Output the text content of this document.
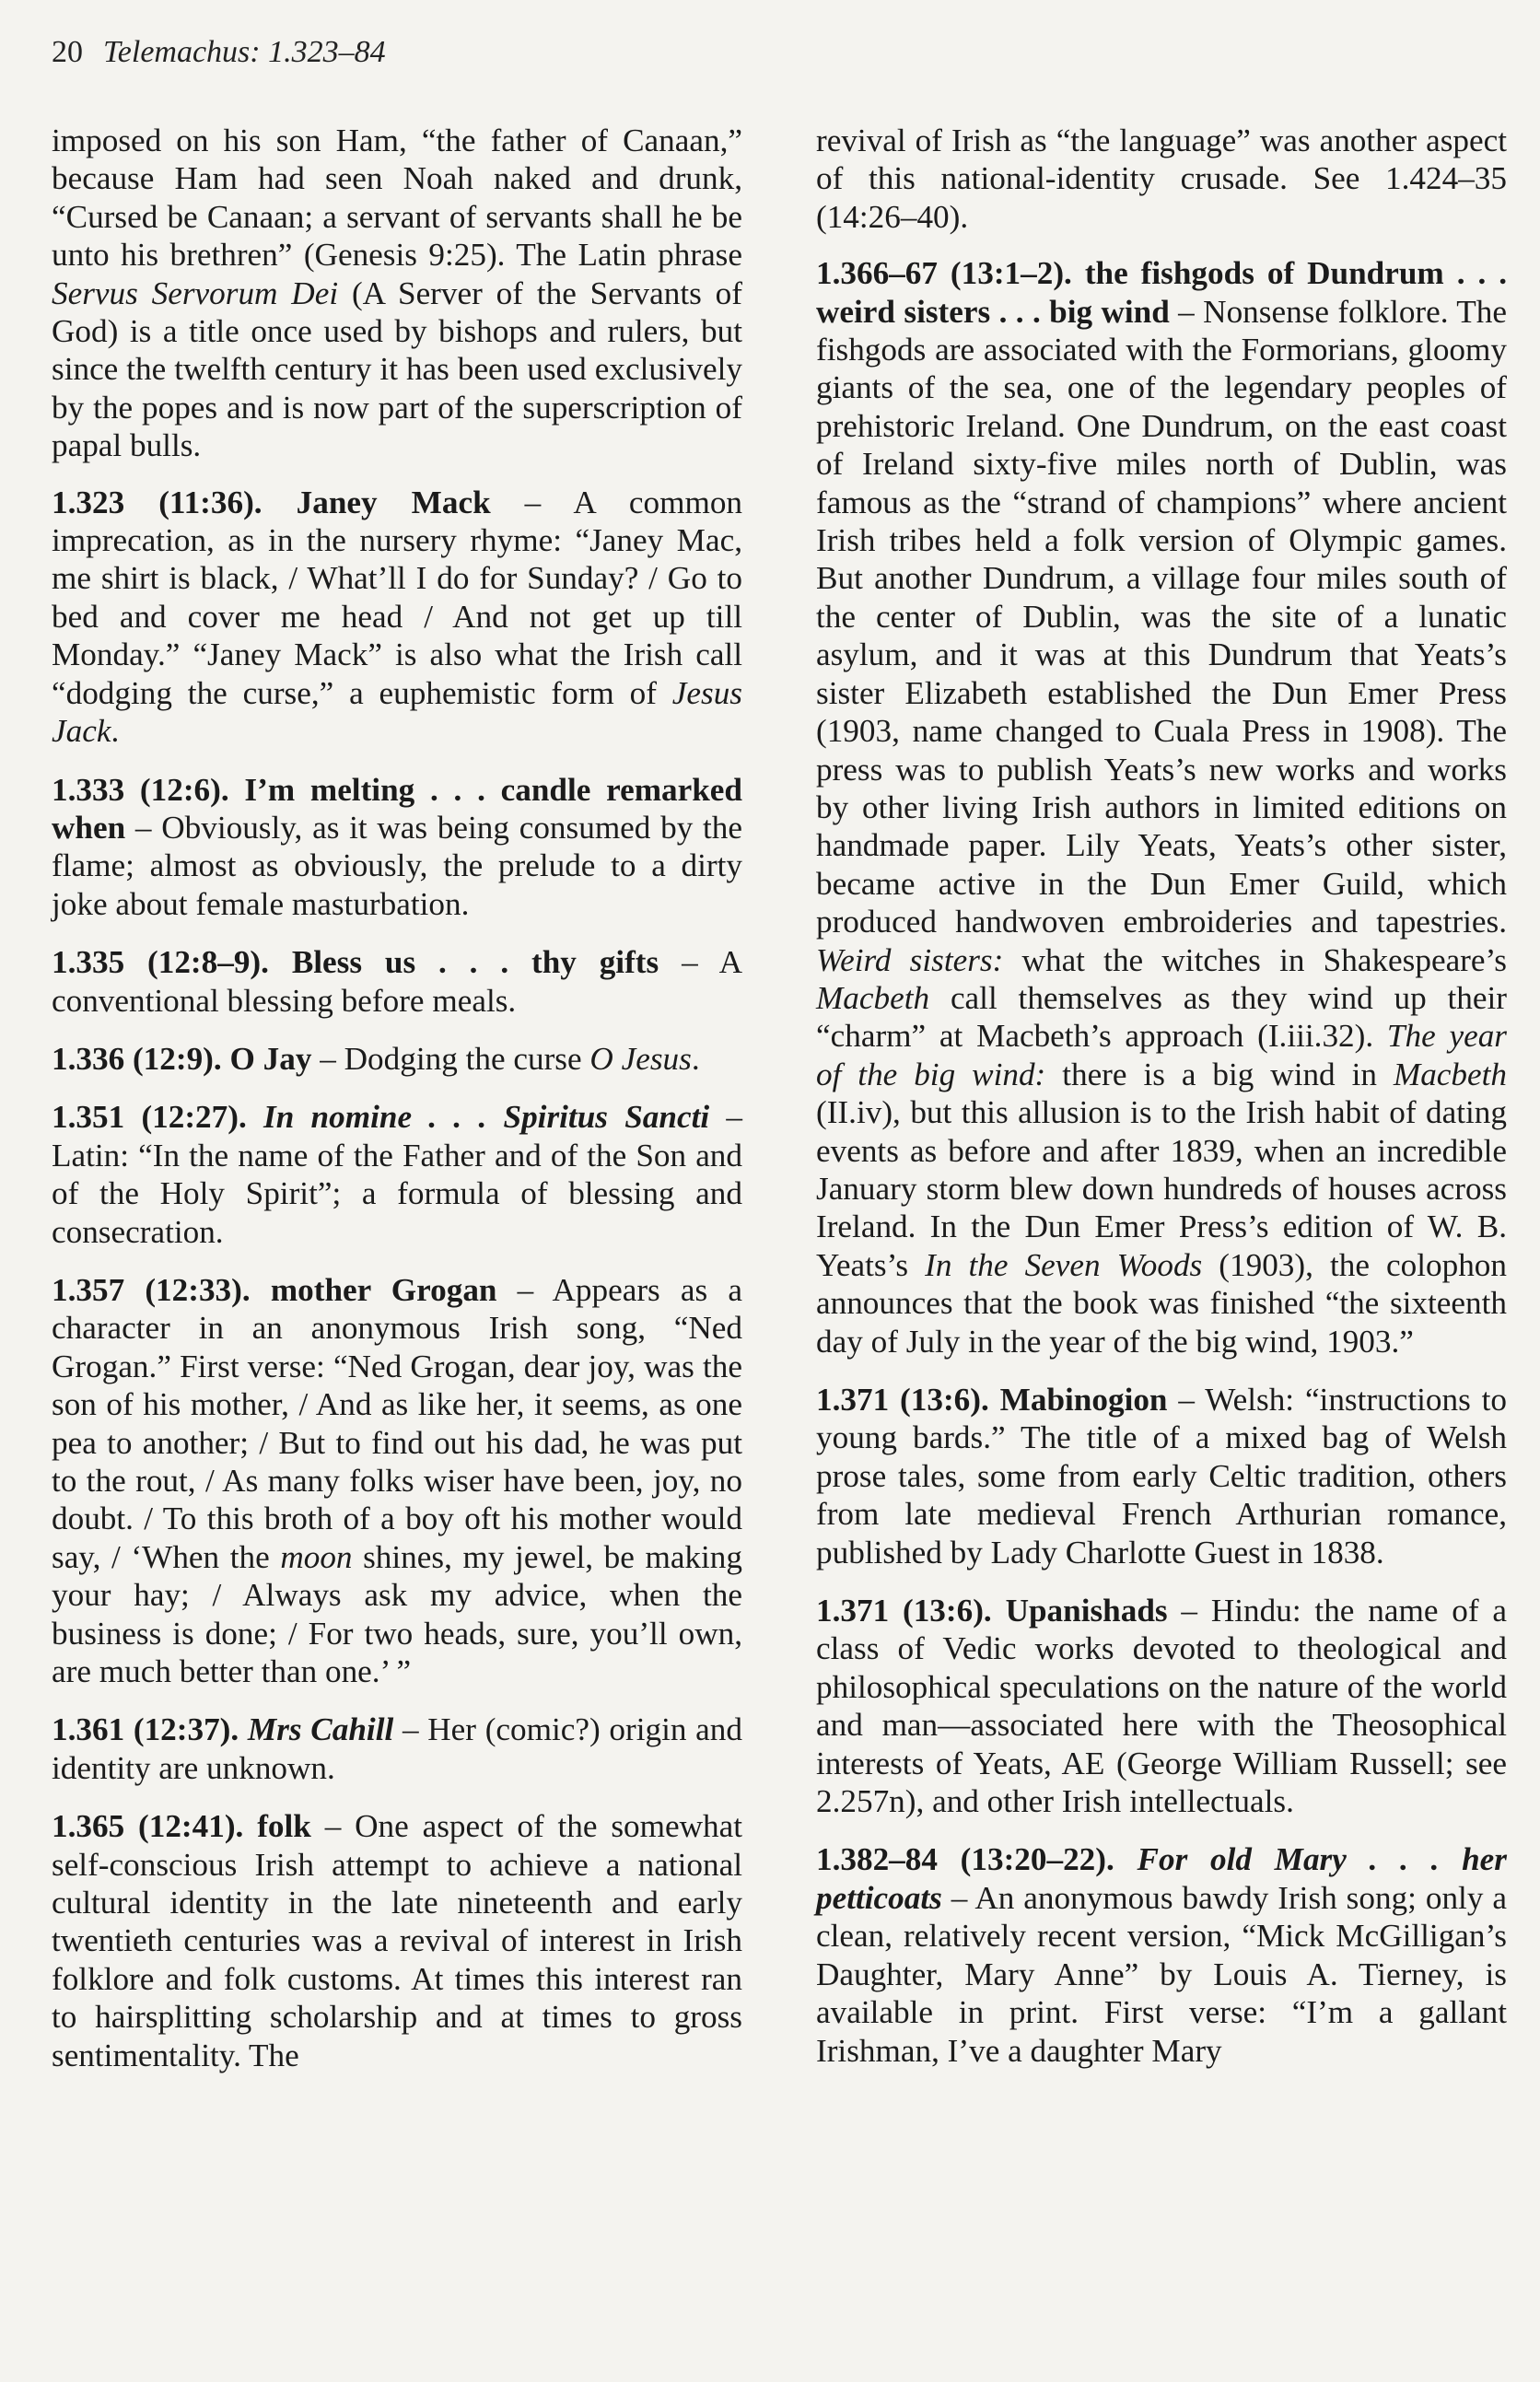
20 Telemachus: 1.323–84

imposed on his son Ham, “the father of Canaan,” because Ham had seen Noah naked and drunk, “Cursed be Canaan; a servant of servants shall he be unto his brethren” (Genesis 9:25). The Latin phrase Servus Servorum Dei (A Server of the Servants of God) is a title once used by bishops and rulers, but since the twelfth century it has been used exclusively by the popes and is now part of the superscription of papal bulls.

1.323 (11:36). Janey Mack – A common imprecation, as in the nursery rhyme: “Janey Mac, me shirt is black, / What’ll I do for Sunday? / Go to bed and cover me head / And not get up till Monday.” “Janey Mack” is also what the Irish call “dodging the curse,” a euphemistic form of Jesus Jack.

1.333 (12:6). I’m melting . . . candle remarked when – Obviously, as it was being consumed by the flame; almost as obviously, the prelude to a dirty joke about female masturbation.

1.335 (12:8–9). Bless us . . . thy gifts – A conventional blessing before meals.

1.336 (12:9). O Jay – Dodging the curse O Jesus.

1.351 (12:27). In nomine . . . Spiritus Sancti – Latin: “In the name of the Father and of the Son and of the Holy Spirit”; a formula of blessing and consecration.

1.357 (12:33). mother Grogan – Appears as a character in an anonymous Irish song, “Ned Grogan.” First verse: “Ned Grogan, dear joy, was the son of his mother, / And as like her, it seems, as one pea to another; / But to find out his dad, he was put to the rout, / As many folks wiser have been, joy, no doubt. / To this broth of a boy oft his mother would say, / ‘When the moon shines, my jewel, be making your hay; / Always ask my advice, when the business is done; / For two heads, sure, you’ll own, are much better than one.’ ”

1.361 (12:37). Mrs Cahill – Her (comic?) origin and identity are unknown.

1.365 (12:41). folk – One aspect of the somewhat self-conscious Irish attempt to achieve a national cultural identity in the late nineteenth and early twentieth centuries was a revival of interest in Irish folklore and folk customs. At times this interest ran to hairsplitting scholarship and at times to gross sentimentality. The

revival of Irish as “the language” was another aspect of this national-identity crusade. See 1.424–35 (14:26–40).

1.366–67 (13:1–2). the fishgods of Dundrum . . . weird sisters . . . big wind – Nonsense folklore. The fishgods are associated with the Formorians, gloomy giants of the sea, one of the legendary peoples of prehistoric Ireland. One Dundrum, on the east coast of Ireland sixty-five miles north of Dublin, was famous as the “strand of champions” where ancient Irish tribes held a folk version of Olympic games. But another Dundrum, a village four miles south of the center of Dublin, was the site of a lunatic asylum, and it was at this Dundrum that Yeats’s sister Elizabeth established the Dun Emer Press (1903, name changed to Cuala Press in 1908). The press was to publish Yeats’s new works and works by other living Irish authors in limited editions on handmade paper. Lily Yeats, Yeats’s other sister, became active in the Dun Emer Guild, which produced handwoven embroideries and tapestries. Weird sisters: what the witches in Shakespeare’s Macbeth call themselves as they wind up their “charm” at Macbeth’s approach (I.iii.32). The year of the big wind: there is a big wind in Macbeth (II.iv), but this allusion is to the Irish habit of dating events as before and after 1839, when an incredible January storm blew down hundreds of houses across Ireland. In the Dun Emer Press’s edition of W. B. Yeats’s In the Seven Woods (1903), the colophon announces that the book was finished “the sixteenth day of July in the year of the big wind, 1903.”

1.371 (13:6). Mabinogion – Welsh: “instructions to young bards.” The title of a mixed bag of Welsh prose tales, some from early Celtic tradition, others from late medieval French Arthurian romance, published by Lady Charlotte Guest in 1838.

1.371 (13:6). Upanishads – Hindu: the name of a class of Vedic works devoted to theological and philosophical speculations on the nature of the world and man—associated here with the Theosophical interests of Yeats, AE (George William Russell; see 2.257n), and other Irish intellectuals.

1.382–84 (13:20–22). For old Mary . . . her petticoats – An anonymous bawdy Irish song; only a clean, relatively recent version, “Mick McGilligan’s Daughter, Mary Anne” by Louis A. Tierney, is available in print. First verse: “I’m a gallant Irishman, I’ve a daughter Mary
